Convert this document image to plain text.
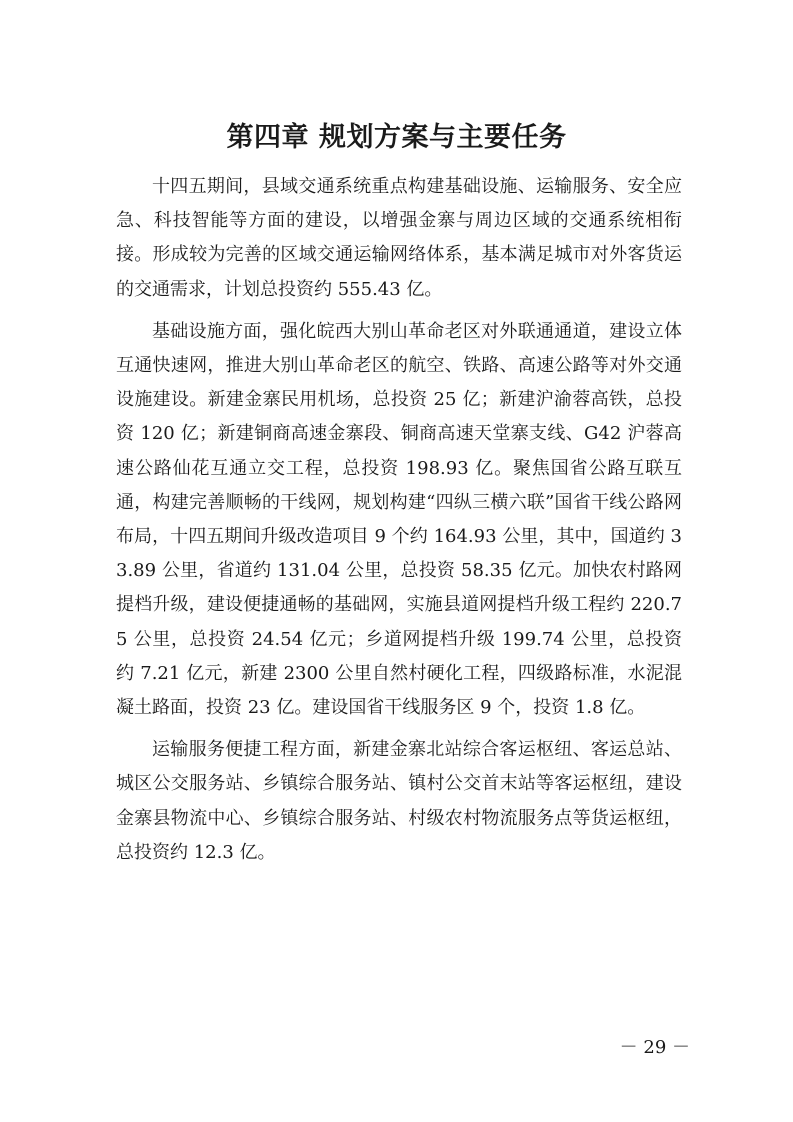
第四章 规划方案与主要任务

十四五期间，县域交通系统重点构建基础设施、运输服务、安全应急、科技智能等方面的建设，以增强金寨与周边区域的交通系统相衔接。形成较为完善的区域交通运输网络体系，基本满足城市对外客货运的交通需求，计划总投资约 555.43 亿。

基础设施方面，强化皖西大别山革命老区对外联通通道，建设立体互通快速网，推进大别山革命老区的航空、铁路、高速公路等对外交通设施建设。新建金寨民用机场，总投资 25 亿；新建沪渝蓉高铁，总投资 120 亿；新建铜商高速金寨段、铜商高速天堂寨支线、G42 沪蓉高速公路仙花互通立交工程，总投资 198.93 亿。聚焦国省公路互联互通，构建完善顺畅的干线网，规划构建“四纵三横六联”国省干线公路网布局，十四五期间升级改造项目 9 个约 164.93 公里，其中，国道约 33.89 公里，省道约 131.04 公里，总投资 58.35 亿元。加快农村路网提档升级，建设便捷通畅的基础网，实施县道网提档升级工程约 220.75 公里，总投资 24.54 亿元；乡道网提档升级 199.74 公里，总投资约 7.21 亿元，新建 2300 公里自然村硬化工程，四级路标准，水泥混凝土路面，投资 23 亿。建设国省干线服务区 9 个，投资 1.8 亿。

运输服务便捷工程方面，新建金寨北站综合客运枢纽、客运总站、城区公交服务站、乡镇综合服务站、镇村公交首末站等客运枢纽，建设金寨县物流中心、乡镇综合服务站、村级农村物流服务点等货运枢纽，总投资约 12.3 亿。

－ 29 －
